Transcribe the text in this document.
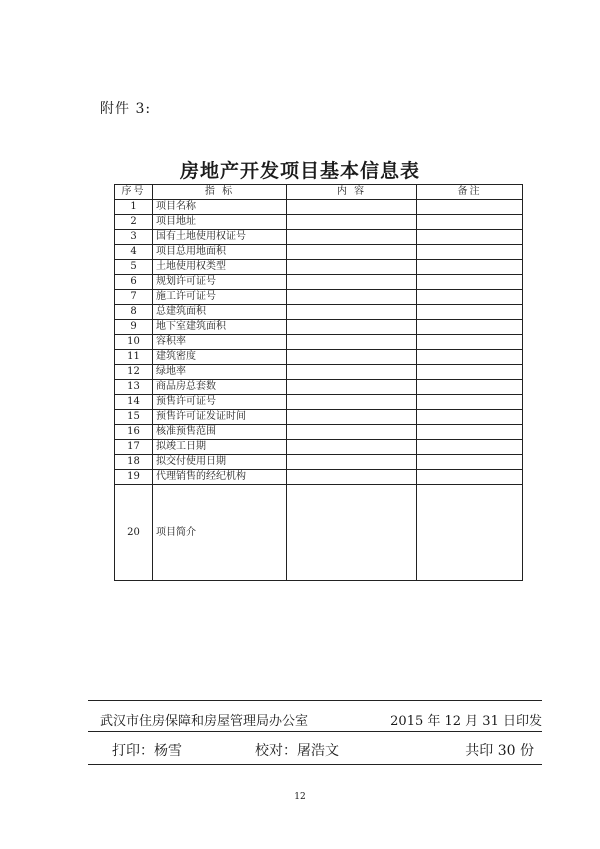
附件 3:
房地产开发项目基本信息表
序号	指 标	内 容	备注
1	项目名称		
2	项目地址		
3	国有土地使用权证号		
4	项目总用地面积		
5	土地使用权类型		
6	规划许可证号		
7	施工许可证号		
8	总建筑面积		
9	地下室建筑面积		
10	容积率		
11	建筑密度		
12	绿地率		
13	商品房总套数		
14	预售许可证号		
15	预售许可证发证时间		
16	核准预售范围		
17	拟竣工日期		
18	拟交付使用日期		
19	代理销售的经纪机构		
20	项目简介		
武汉市住房保障和房屋管理局办公室	2015 年 12 月 31 日印发
打印：杨雪	校对：屠浩文	共印 30 份
12
